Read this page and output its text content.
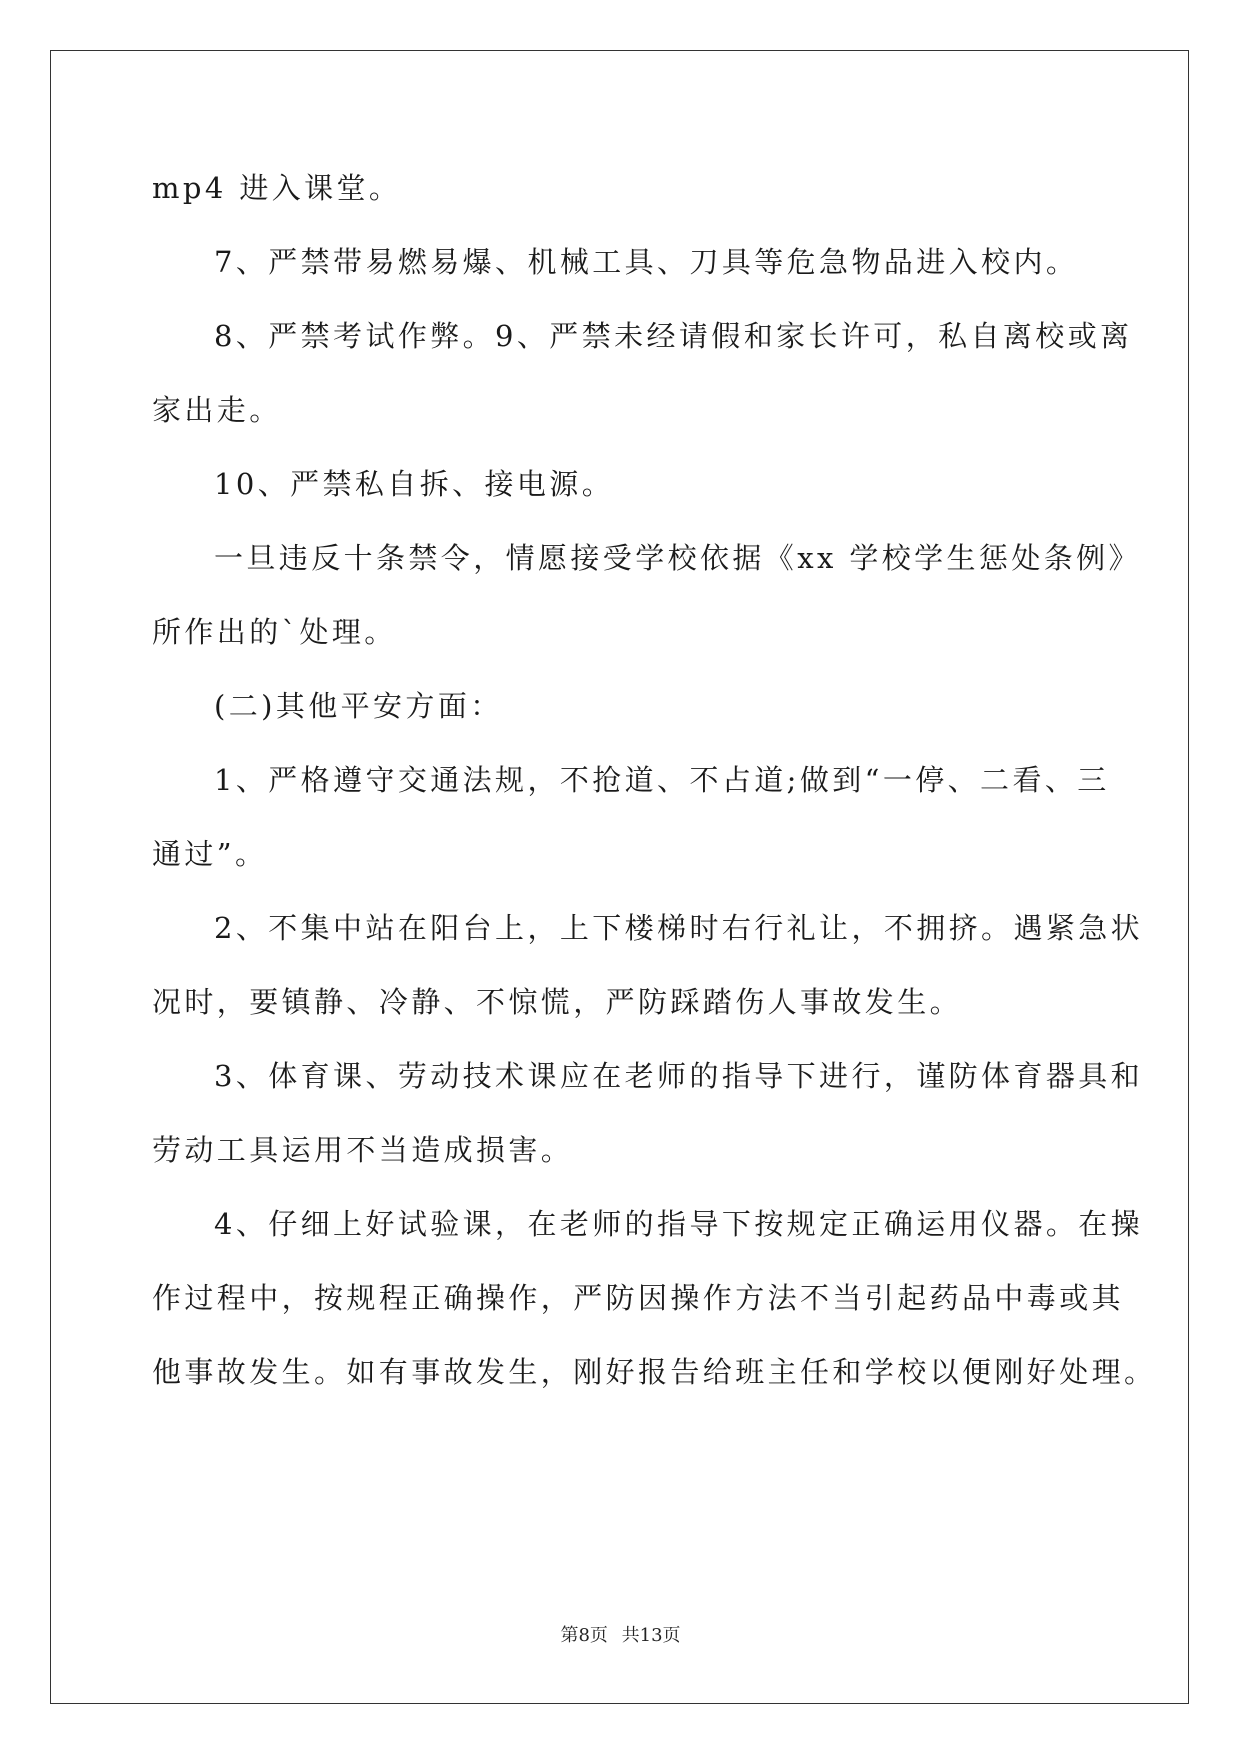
mp4 进入课堂。
7、严禁带易燃易爆、机械工具、刀具等危急物品进入校内。
8、严禁考试作弊。9、严禁未经请假和家长许可，私自离校或离
家出走。
10、严禁私自拆、接电源。
一旦违反十条禁令，情愿接受学校依据《xx 学校学生惩处条例》
所作出的`处理。
(二)其他平安方面：
1、严格遵守交通法规，不抢道、不占道;做到“一停、二看、三
通过”。
2、不集中站在阳台上，上下楼梯时右行礼让，不拥挤。遇紧急状
况时，要镇静、冷静、不惊慌，严防踩踏伤人事故发生。
3、体育课、劳动技术课应在老师的指导下进行，谨防体育器具和
劳动工具运用不当造成损害。
4、仔细上好试验课，在老师的指导下按规定正确运用仪器。在操
作过程中，按规程正确操作，严防因操作方法不当引起药品中毒或其
他事故发生。如有事故发生，刚好报告给班主任和学校以便刚好处理。
第8页 共13页
